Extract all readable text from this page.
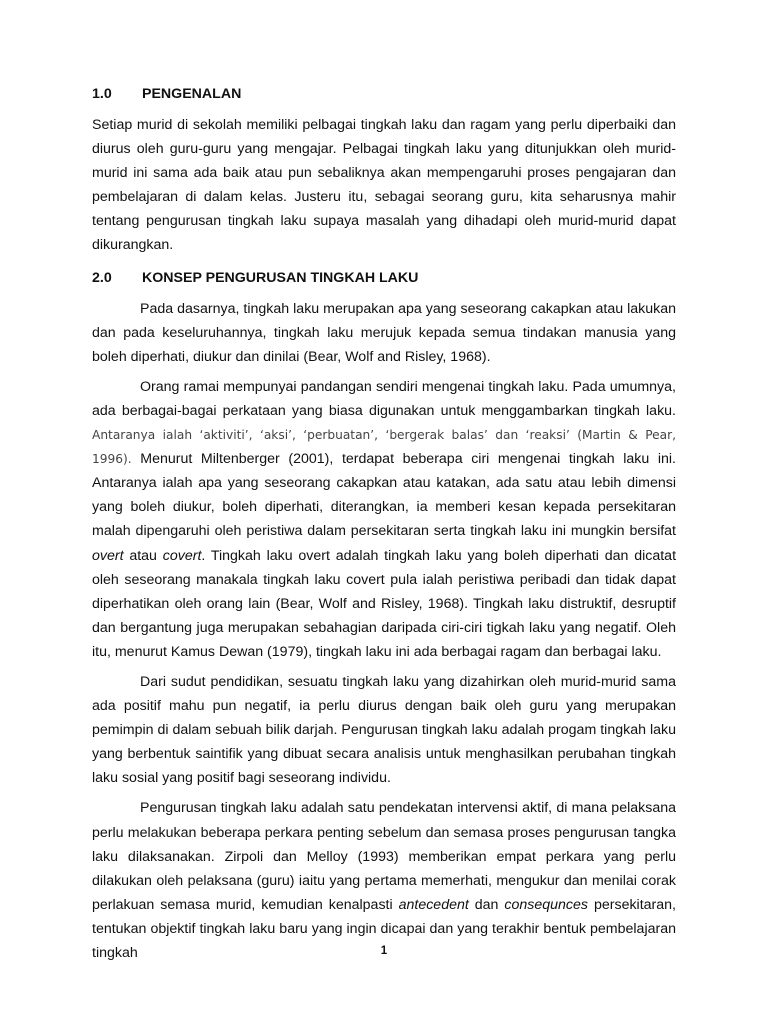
1.0	PENGENALAN

Setiap murid di sekolah memiliki pelbagai tingkah laku dan ragam yang perlu diperbaiki dan diurus oleh guru-guru yang mengajar. Pelbagai tingkah laku yang ditunjukkan oleh murid-murid ini sama ada baik atau pun sebaliknya akan mempengaruhi proses pengajaran dan pembelajaran di dalam kelas. Justeru itu, sebagai seorang guru, kita seharusnya mahir tentang pengurusan tingkah laku supaya masalah yang dihadapi oleh murid-murid dapat dikurangkan.

2.0	KONSEP PENGURUSAN TINGKAH LAKU

Pada dasarnya, tingkah laku merupakan apa yang seseorang cakapkan atau lakukan dan pada keseluruhannya, tingkah laku merujuk kepada semua tindakan manusia yang boleh diperhati, diukur dan dinilai (Bear, Wolf and Risley, 1968).

Orang ramai mempunyai pandangan sendiri mengenai tingkah laku. Pada umumnya, ada berbagai-bagai perkataan yang biasa digunakan untuk menggambarkan tingkah laku. Antaranya ialah ‘aktiviti’, ‘aksi’, ‘perbuatan’, ‘bergerak balas’ dan ‘reaksi’ (Martin & Pear, 1996). Menurut Miltenberger (2001), terdapat beberapa ciri mengenai tingkah laku ini. Antaranya ialah apa yang seseorang cakapkan atau katakan, ada satu atau lebih dimensi yang boleh diukur, boleh diperhati, diterangkan, ia memberi kesan kepada persekitaran malah dipengaruhi oleh peristiwa dalam persekitaran serta tingkah laku ini mungkin bersifat overt atau covert. Tingkah laku overt adalah tingkah laku yang boleh diperhati dan dicatat oleh seseorang manakala tingkah laku covert pula ialah peristiwa peribadi dan tidak dapat diperhatikan oleh orang lain (Bear, Wolf and Risley, 1968). Tingkah laku distruktif, desruptif dan bergantung juga merupakan sebahagian daripada ciri-ciri tigkah laku yang negatif. Oleh itu, menurut Kamus Dewan (1979), tingkah laku ini ada berbagai ragam dan berbagai laku.

Dari sudut pendidikan, sesuatu tingkah laku yang dizahirkan oleh murid-murid sama ada positif mahu pun negatif, ia perlu diurus dengan baik oleh guru yang merupakan pemimpin di dalam sebuah bilik darjah. Pengurusan tingkah laku adalah progam tingkah laku yang berbentuk saintifik yang dibuat secara analisis untuk menghasilkan perubahan tingkah laku sosial yang positif bagi seseorang individu.

Pengurusan tingkah laku adalah satu pendekatan intervensi aktif, di mana pelaksana perlu melakukan beberapa perkara penting sebelum dan semasa proses pengurusan tangka laku dilaksanakan. Zirpoli dan Melloy (1993) memberikan empat perkara yang perlu dilakukan oleh pelaksana (guru) iaitu yang pertama memerhati, mengukur dan menilai corak perlakuan semasa murid, kemudian kenalpasti antecedent dan consequnces persekitaran, tentukan objektif tingkah laku baru yang ingin dicapai dan yang terakhir bentuk pembelajaran tingkah	1
